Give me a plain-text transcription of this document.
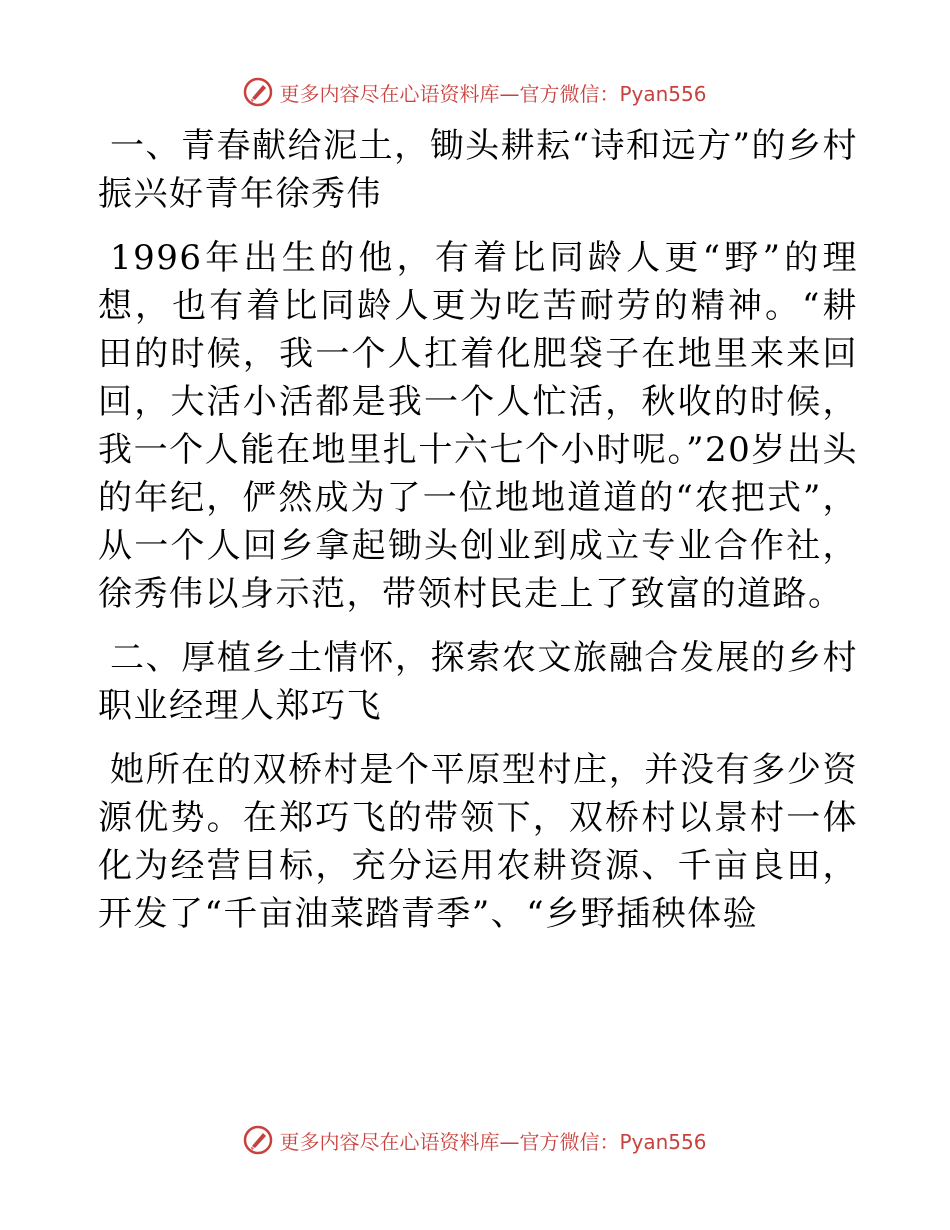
更多内容尽在心语资料库—官方微信：Pyan556

一、青春献给泥土，锄头耕耘“诗和远方”的乡村振兴好青年徐秀伟

1996年出生的他，有着比同龄人更“野”的理想，也有着比同龄人更为吃苦耐劳的精神。“耕田的时候，我一个人扛着化肥袋子在地里来来回回，大活小活都是我一个人忙活，秋收的时候，我一个人能在地里扎十六七个小时呢。”20岁出头的年纪，俨然成为了一位地地道道的“农把式”，从一个人回乡拿起锄头创业到成立专业合作社，徐秀伟以身示范，带领村民走上了致富的道路。

二、厚植乡土情怀，探索农文旅融合发展的乡村职业经理人郑巧飞

她所在的双桥村是个平原型村庄，并没有多少资源优势。在郑巧飞的带领下，双桥村以景村一体化为经营目标，充分运用农耕资源、千亩良田，开发了“千亩油菜踏青季”、“乡野插秧体验

更多内容尽在心语资料库—官方微信：Pyan556
